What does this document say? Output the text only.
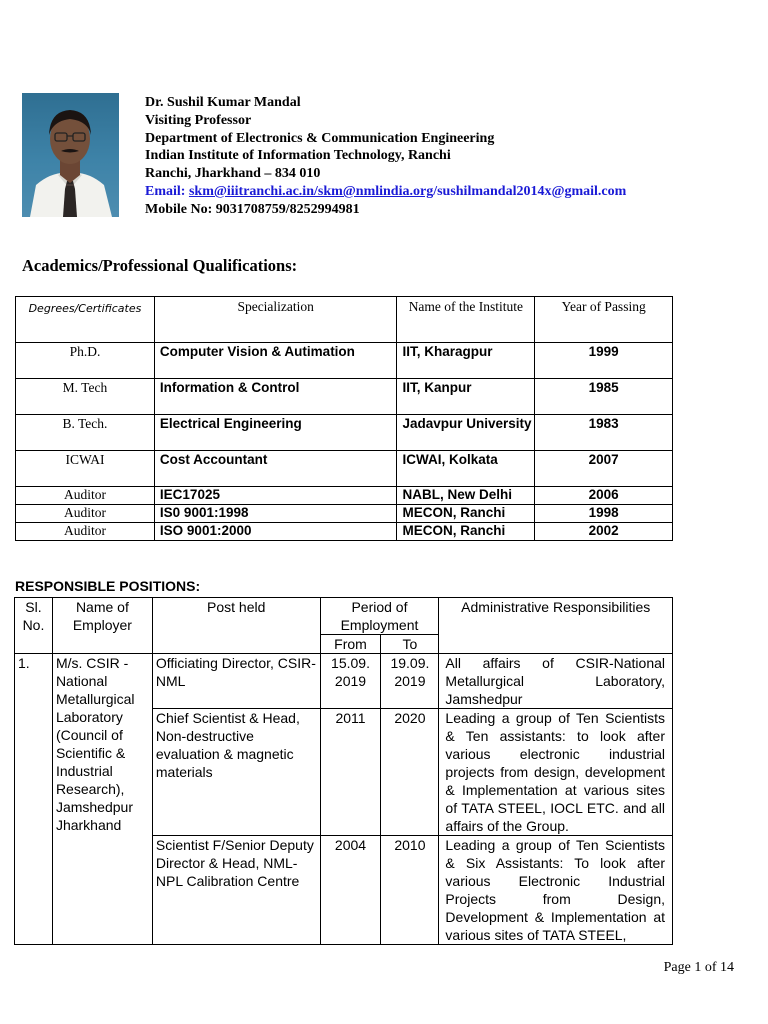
Dr. Sushil Kumar Mandal
Visiting Professor
Department of Electronics & Communication Engineering
Indian Institute of Information Technology, Ranchi
Ranchi, Jharkhand – 834 010
Email: skm@iiitranchi.ac.in/skm@nmlindia.org/sushilmandal2014x@gmail.com
Mobile No: 9031708759/8252994981
Academics/Professional Qualifications:
Degrees/Certificates	Specialization	Name of the Institute	Year of Passing
Ph.D.	Computer Vision & Autimation	IIT, Kharagpur	1999
M. Tech	Information & Control	IIT, Kanpur	1985
B. Tech.	Electrical Engineering	Jadavpur University	1983
ICWAI	Cost Accountant	ICWAI, Kolkata	2007
Auditor	IEC17025	NABL, New Delhi	2006
Auditor	IS0 9001:1998	MECON, Ranchi	1998
Auditor	ISO 9001:2000	MECON, Ranchi	2002
RESPONSIBLE POSITIONS:
Sl. No.	Name of Employer	Post held	Period of Employment		Administrative Responsibilities
			From	To	
1.	M/s. CSIR - National Metallurgical Laboratory (Council of Scientific & Industrial Research), Jamshedpur Jharkhand	Officiating Director, CSIR-NML	15.09. 2019	19.09. 2019	All affairs of CSIR-National Metallurgical Laboratory, Jamshedpur
		Chief Scientist & Head, Non-destructive evaluation & magnetic materials	2011	2020	Leading a group of Ten Scientists & Ten assistants: to look after various electronic industrial projects from design, development & Implementation at various sites of TATA STEEL, IOCL ETC. and all affairs of the Group.
		Scientist F/Senior Deputy Director & Head, NML-NPL Calibration Centre	2004	2010	Leading a group of Ten Scientists & Six Assistants: To look after various Electronic Industrial Projects from Design, Development & Implementation at various sites of TATA STEEL,
Page 1 of 14
